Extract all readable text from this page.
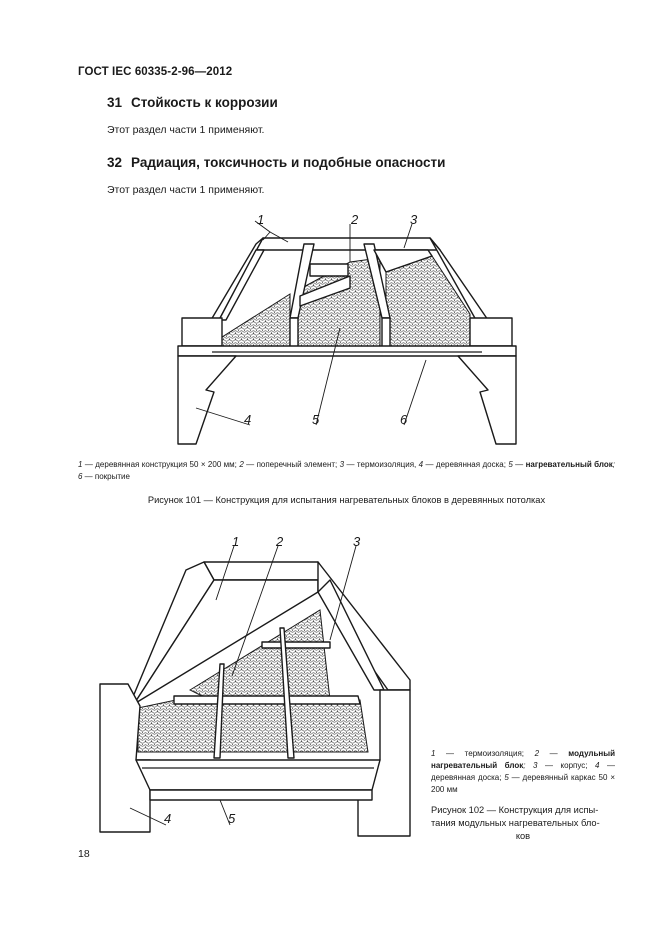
ГОСТ IEC 60335-2-96—2012
31 Стойкость к коррозии
Этот раздел части 1 применяют.
32 Радиация, токсичность и подобные опасности
Этот раздел части 1 применяют.
1	2	3
4	5	6
1	2	3
4	5
1 — деревянная конструкция 50 × 200 мм; 2 — поперечный элемент; 3 — термоизоляция, 4 — деревянная доска; 5 — нагревательный блок; 6 — покрытие
Рисунок 101 — Конструкция для испытания нагревательных блоков в деревянных потолках
1 — термоизоляция; 2 — модульный нагревательный блок; 3 — корпус; 4 — деревянная доска; 5 — деревянный каркас 50 × 200 мм
Рисунок 102 — Конструкция для испы-
тания модульных нагревательных бло-
ков
18
